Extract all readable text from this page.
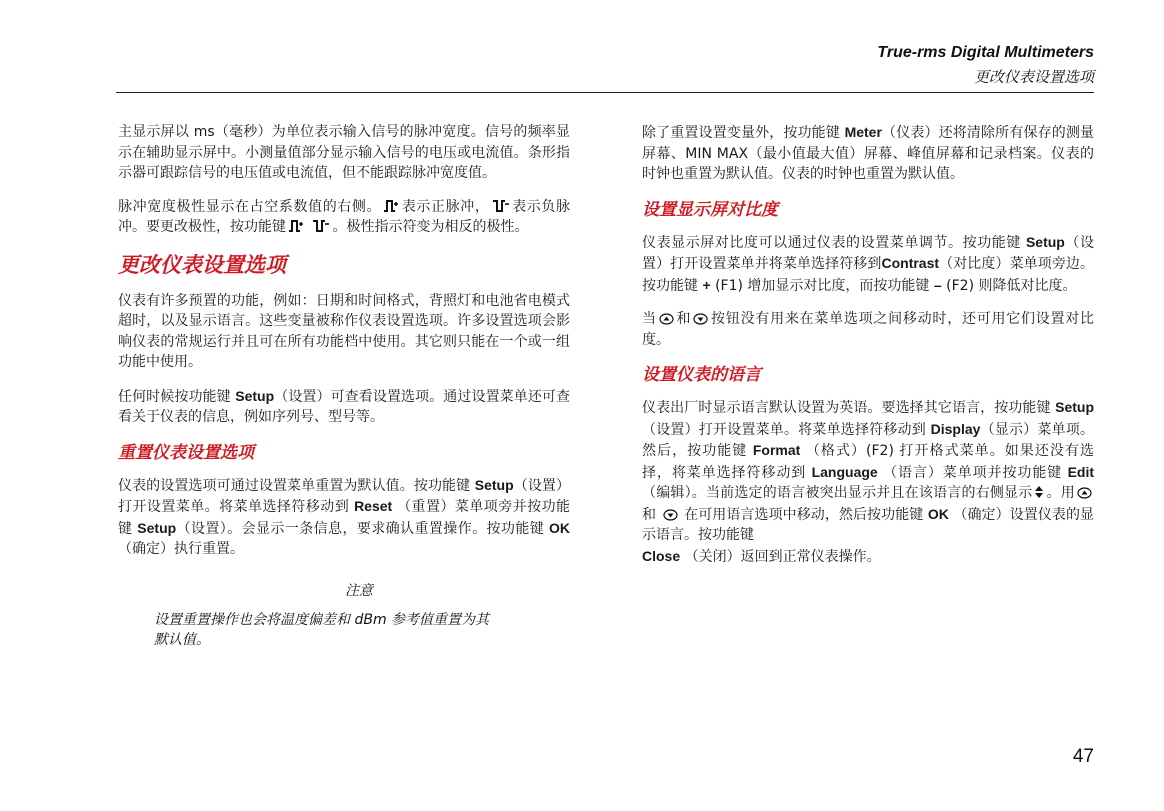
True-rms Digital Multimeters
更改仪表设置选项

主显示屏以 ms（毫秒）为单位表示输入信号的脉冲宽度。信号的频率显示在辅助显示屏中。小测量值部分显示输入信号的电压或电流值。条形指示器可跟踪信号的电压值或电流值，但不能跟踪脉冲宽度值。

脉冲宽度极性显示在占空系数值的右侧。 表示正脉冲， 表示负脉冲。要更改极性，按功能键	。极性指示符变为相反的极性。

更改仪表设置选项

仪表有许多预置的功能，例如：日期和时间格式，背照灯和电池省电模式超时，以及显示语言。这些变量被称作仪表设置选项。许多设置选项会影响仪表的常规运行并且可在所有功能档中使用。其它则只能在一个或一组功能中使用。

任何时候按功能键 Setup（设置）可查看设置选项。通过设置菜单还可查看关于仪表的信息，例如序列号、型号等。

重置仪表设置选项

仪表的设置选项可通过设置菜单重置为默认值。按功能键 Setup（设置）打开设置菜单。将菜单选择符移动到 Reset （重置）菜单项旁并按功能键 Setup（设置）。会显示一条信息，要求确认重置操作。按功能键 OK （确定）执行重置。

注意
设置重置操作也会将温度偏差和 dBm 参考值重置为其默认值。

除了重置设置变量外，按功能键 Meter（仪表）还将清除所有保存的测量屏幕、MIN MAX（最小值最大值）屏幕、峰值屏幕和记录档案。仪表的时钟也重置为默认值。仪表的时钟也重置为默认值。

设置显示屏对比度

仪表显示屏对比度可以通过仪表的设置菜单调节。按功能键 Setup（设置）打开设置菜单并将菜单选择符移到Contrast（对比度）菜单项旁边。按功能键 + (F1) 增加显示对比度，而按功能键 – (F2) 则降低对比度。

当 和 按钮没有用来在菜单选项之间移动时，还可用它们设置对比度。

设置仪表的语言

仪表出厂时显示语言默认设置为英语。要选择其它语言，按功能键 Setup （设置）打开设置菜单。将菜单选择符移动到 Display（显示）菜单项。然后，按功能键 Format （格式）(F2) 打开格式菜单。如果还没有选择，将菜单选择符移动到 Language （语言）菜单项并按功能键 Edit（编辑）。当前选定的语言被突出显示并且在该语言的右侧显示 。用 和 在可用语言选项中移动，然后按功能键 OK （确定）设置仪表的显示语言。按功能键
Close （关闭）返回到正常仪表操作。

47
